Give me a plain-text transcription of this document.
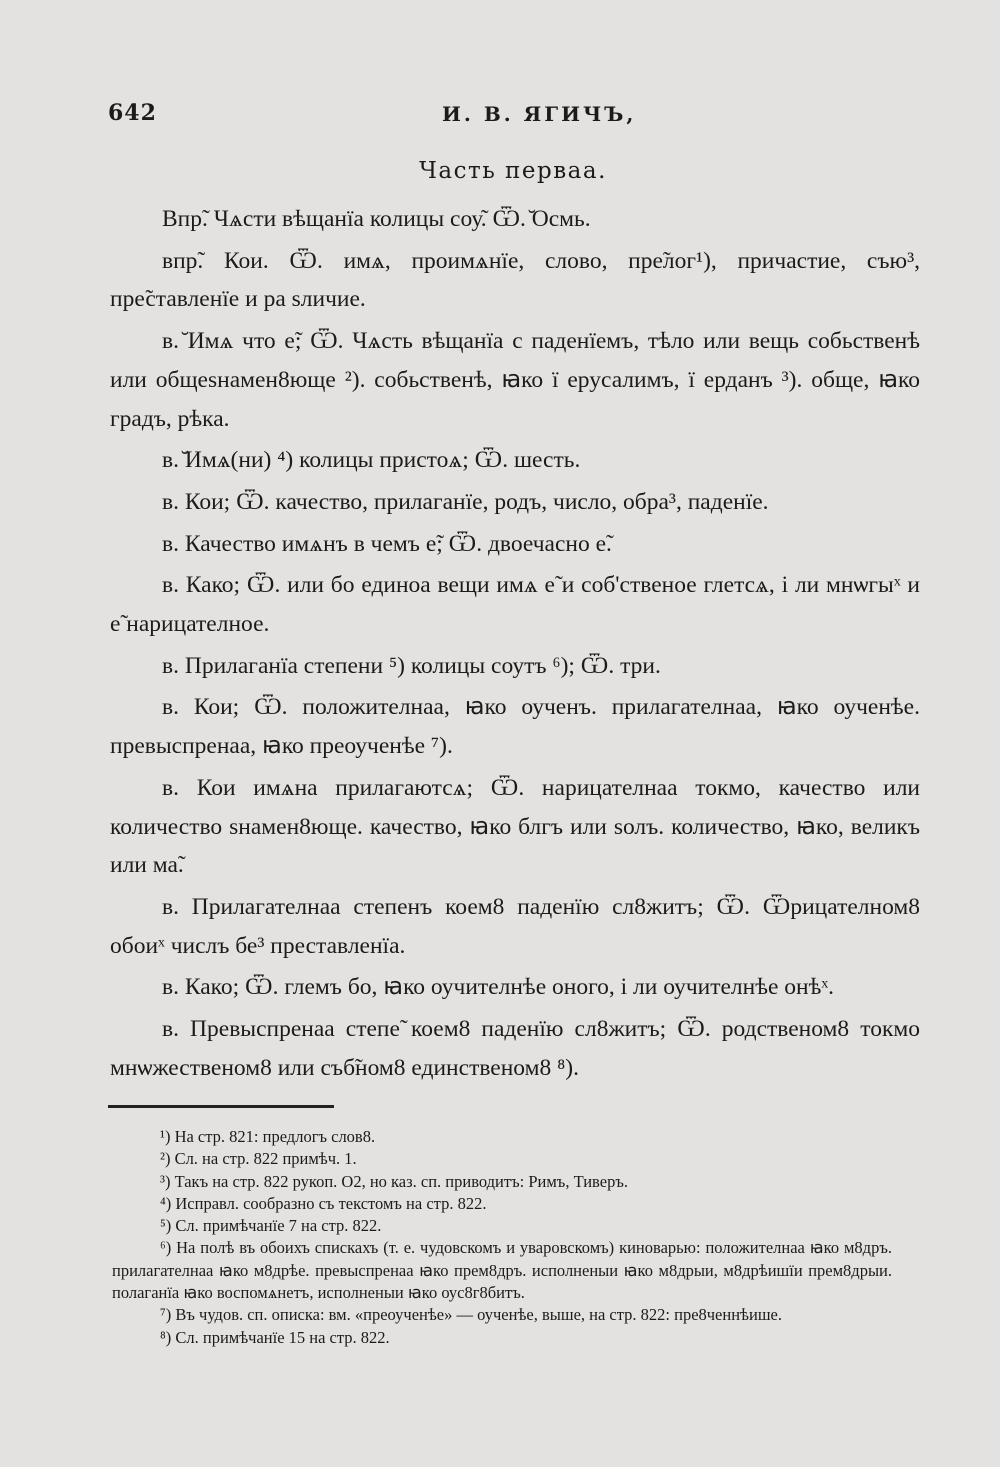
642	И. В. ЯГИЧЪ,
Часть перваа.

Впр̃. Чѧсти вѣщанїа колицы соу̃. Ѿ. ̆Осмь.

впр̃. Кои. Ѿ. имѧ, проимѧнїе, слово, пре̃лог¹), причастие, съю³, пре̃ставленїе и ра ѕличие.

в. ̆Имѧ что е̃; Ѿ. Чѧсть вѣщанїа с паденїемъ, тѣло или вещь собьственѣ или общеѕнамен8юще ²). собьственѣ, ꙗко ї ерусалимъ, ї ерданъ ³). обще, ꙗко градъ, рѣка.

в. ̆Имѧ(ни) ⁴) колицы пристоѧ; Ѿ. шесть.

в. Кои; Ѿ. качество, прилаганїе, родъ, число, обра³, паденїе.

в. Качество имѧнъ в чемъ е̃; Ѿ. двоечасно е̃.

в. Како; Ѿ. или бо единоа вещи имѧ е̃ и соб'ственое глетсѧ, і ли мнѡгыˣ и е̃ нарицателное.

в. Прилаганїа степени ⁵) колицы соутъ ⁶); Ѿ. три.

в. Кои; Ѿ. положителнаа, ꙗко оученъ. прилагателнаа, ꙗко оученѣе. превыспренаа, ꙗко преоученѣе ⁷).

в. Кои имѧна прилагаютсѧ; Ѿ. нарицателнаа токмо, качество или количество ѕнамен8юще. качество, ꙗко блгъ или ѕолъ. количество, ꙗко, великъ или ма̃.

в. Прилагателнаа степенъ коем8 паденїю сл8житъ; Ѿ. Ѿрицателном8 обоиˣ числъ бе³ преставленїа.

в. Како; Ѿ. глемъ бо, ꙗко оучителнѣе оного, і ли оучителнѣе онѣˣ.

в. Превыспренаа степе̃ коем8 паденїю сл8житъ; Ѿ. родственом8 токмо мнѡжественом8 или съб̃ном8 единственом8 ⁸).

¹) На стр. 821: предлогъ слов8.

²) Сл. на стр. 822 примѣч. 1.

³) Такъ на стр. 822 рукоп. О2, но каз. сп. приводитъ: Римъ, Тиверъ.

⁴) Исправл. сообразно съ текстомъ на стр. 822.

⁵) Сл. примѣчанїе 7 на стр. 822.

⁶) На полѣ въ обоихъ спискахъ (т. е. чудовскомъ и уваровскомъ) киноварью: положителнаа ꙗко м8дръ. прилагателнаа ꙗко м8дрѣе. превыспренаа ꙗко прем8дръ. исполненыи ꙗко м8дрыи, м8дрѣишїи прем8дрыи. полаганїа ꙗко воспомѧнетъ, исполненыи ꙗко оус8г8битъ.

⁷) Въ чудов. сп. описка: вм. «преоученѣе» — оученѣе, выше, на стр. 822: пре8ченнѣише.

⁸) Сл. примѣчанїе 15 на стр. 822.
